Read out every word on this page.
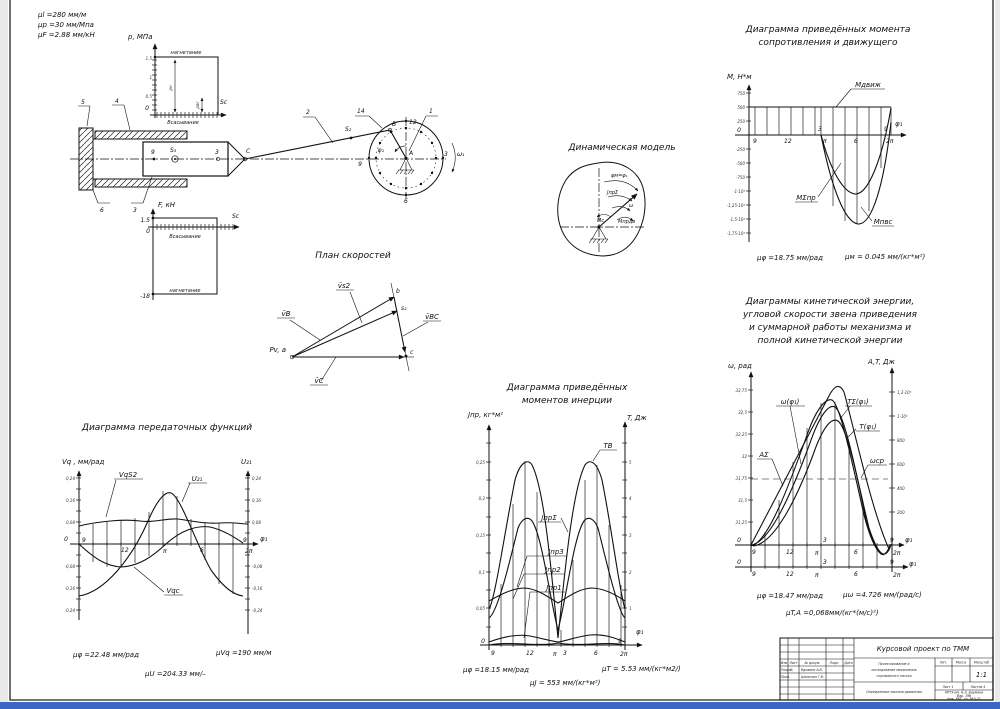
μl =280 мм/м
μp =30 мм/Мпа
μF =2.88 мм/кН	p, МПа
Sc
0
нагнетание
Всасывание
pн
pвс
1.5
1
0.5
5	4
6	3
2	14	1
9	S₃	3	C
S₂
B
A
12
3
6
9
φ₁
ω₁
F, кН
1.5
0
-18
Всасывание
нагнетание
Sc
План скоростей
v̄s2
v̄B	v̄BC
v̄C
Pv, a
b
s₂
c
Динамическая модель
φм=φ₁
JпрΣ
ω
Mс	Mпрдв
Диаграмма приведённых момента
сопротивления и движущего
M, Н*м
0
φ₁
750
500
250
-250
-500
-750
-1·10³
-1,25·10³
-1,5·10³
-1,75·10³
9	12
3
π	6
9
2π
Mдвиж
MΣпр
Mпвс
μφ =18.75 мм/рад	μм = 0.045 мм/(кг*м²)
Диаграмма передаточных функций
Vq , мм/рад	U₂₁
0	φ₁
0,24
0,16
0,08
-0,08
-0,16
-0,24
0,24
0,16
0,08
-0,08
-0,16
-0,24
9
12	π	6
9
2π
VqS2	U₂₁
Vqc
μφ =22.48 мм/рад	μVq =190 мм/м
μU =204.33 мм/–
Диаграмма приведённых
моментов инерции
Jпр, кг*м²	T, Дж
0
φ₁
0,25
0,2
0,15
0,1
0,05
5
4
3
2
1
9	12	π 3	6
9
2π
TB
JпрΣ
Jпр3
Jпр2
Jпр1
μφ =18.15 мм/рад	μT = 5.53 мм/(кг*м2/)
μJ = 553 мм/(кг*м²)
Диаграммы кинетической энергии,
угловой скорости звена приведения
и суммарной работы механизма и
полной кинетической энергии
ω, рад	A,T, Дж
0
0
φ₁
φ₁
32,75
32,5
32,25
32
31,75
31,5
31,25
1,2·10³
1·10³
800
600
400
200
9	12	π
3
6
9
2π
9	12	π
3
6
9
2π
ω(φ₁)	TΣ(φ₁)
T(φ₁)
AΣ
ωср
μφ =18.47 мм/рад	μω =4.726 мм/(рад/с)
μT,A =0,068мм/(кг*(м/с)²)
Курсовой проект по ТММ
Изм Лист	№ докум.	Подп.	Дата
Разраб. Вдовина А.В.
Пров.	Шамолин Г.В.
Проектирование и
исследование механизмов
плунжерного насоса
Определение законов движения
Лит.	Масса Масштаб
1:1
Лист 1	Листов 4
МГТУ им. Н.Э. Баумана
Вар. 19б
фак. РКТ, гр. РК5-31
